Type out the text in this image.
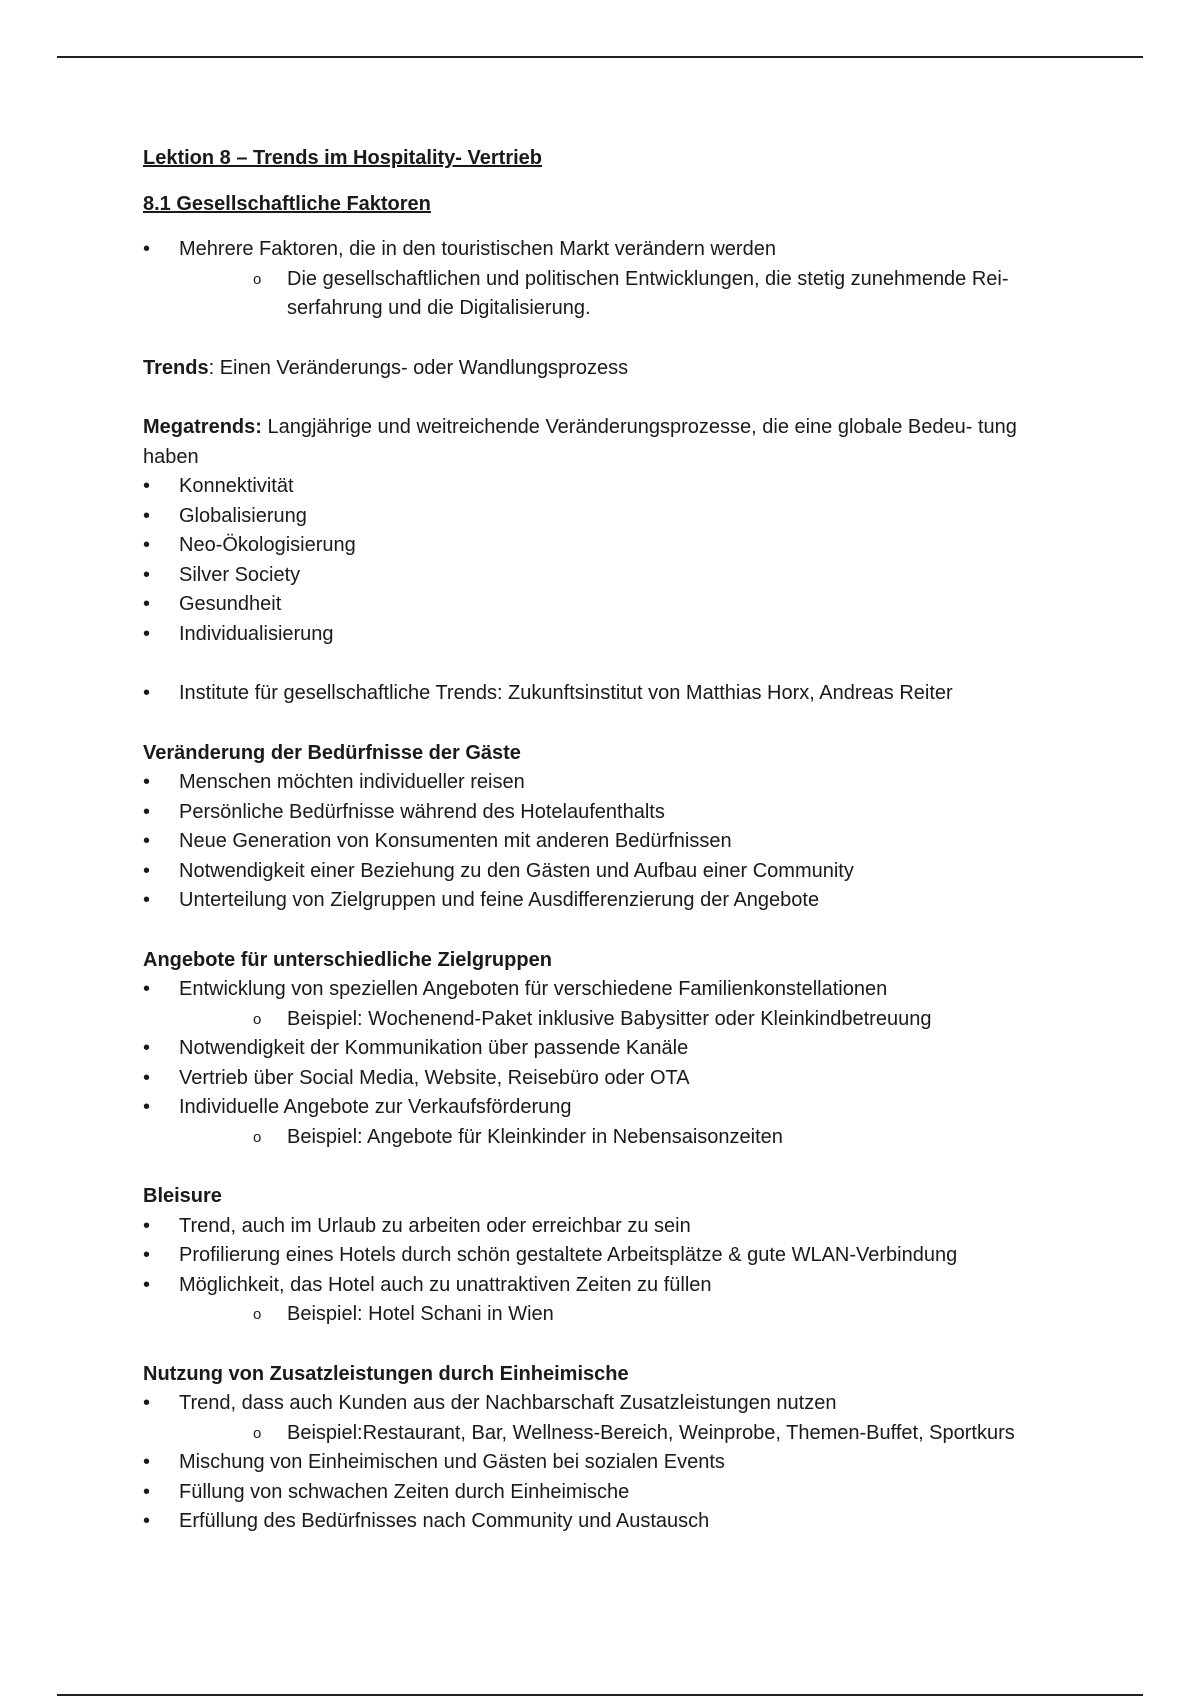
Lektion 8 – Trends im Hospitality- Vertrieb

8.1 Gesellschaftliche Faktoren

• Mehrere Faktoren, die in den touristischen Markt verändern werden
o Die gesellschaftlichen und politischen Entwicklungen, die stetig zunehmende Rei- serfahrung und die Digitalisierung.

Trends: Einen Veränderungs- oder Wandlungsprozess

Megatrends: Langjährige und weitreichende Veränderungsprozesse, die eine globale Bedeu- tung haben

• Konnektivität
• Globalisierung
• Neo-Ökologisierung
• Silver Society
• Gesundheit
• Individualisierung
• Institute für gesellschaftliche Trends: Zukunftsinstitut von Matthias Horx, Andreas Reiter

Veränderung der Bedürfnisse der Gäste

• Menschen möchten individueller reisen
• Persönliche Bedürfnisse während des Hotelaufenthalts
• Neue Generation von Konsumenten mit anderen Bedürfnissen
• Notwendigkeit einer Beziehung zu den Gästen und Aufbau einer Community
• Unterteilung von Zielgruppen und feine Ausdifferenzierung der Angebote

Angebote für unterschiedliche Zielgruppen

• Entwicklung von speziellen Angeboten für verschiedene Familienkonstellationen
o Beispiel: Wochenend-Paket inklusive Babysitter oder Kleinkindbetreuung
• Notwendigkeit der Kommunikation über passende Kanäle
• Vertrieb über Social Media, Website, Reisebüro oder OTA
• Individuelle Angebote zur Verkaufsförderung
o Beispiel: Angebote für Kleinkinder in Nebensaisonzeiten

Bleisure

• Trend, auch im Urlaub zu arbeiten oder erreichbar zu sein
• Profilierung eines Hotels durch schön gestaltete Arbeitsplätze & gute WLAN-Verbindung
• Möglichkeit, das Hotel auch zu unattraktiven Zeiten zu füllen
o Beispiel: Hotel Schani in Wien

Nutzung von Zusatzleistungen durch Einheimische

• Trend, dass auch Kunden aus der Nachbarschaft Zusatzleistungen nutzen
o Beispiel:Restaurant, Bar, Wellness-Bereich, Weinprobe, Themen-Buffet, Sportkurs
• Mischung von Einheimischen und Gästen bei sozialen Events
• Füllung von schwachen Zeiten durch Einheimische
• Erfüllung des Bedürfnisses nach Community und Austausch
